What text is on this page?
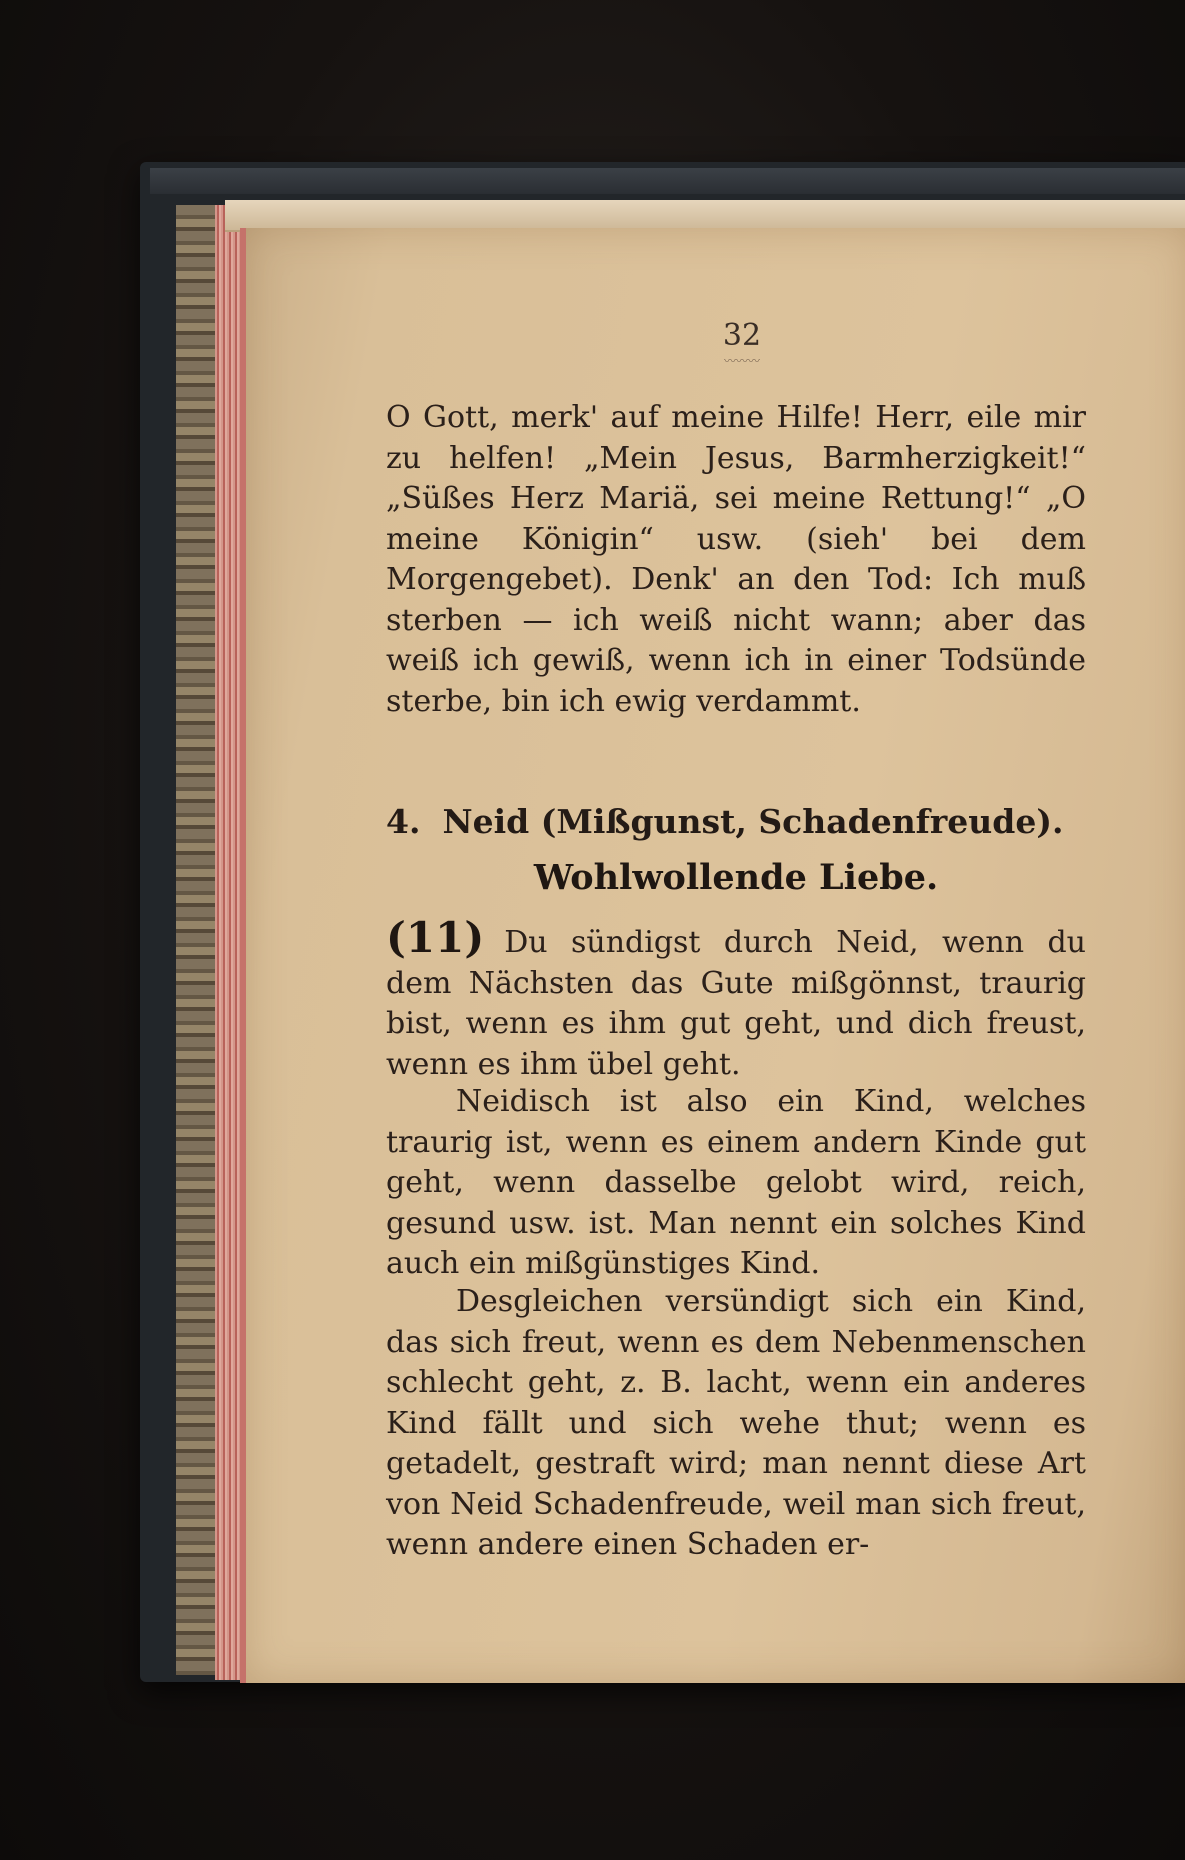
32
〰〰〰
O Gott, merk' auf meine Hilfe! Herr, eile mir zu helfen! „Mein Jesus, Barmherzigkeit!“ „Süßes Herz Mariä, sei meine Rettung!“ „O meine Königin“ usw. (sieh' bei dem Morgengebet). Denk' an den Tod: Ich muß sterben — ich weiß nicht wann; aber das weiß ich gewiß, wenn ich in einer Todsünde sterbe, bin ich ewig verdammt.
4. Neid (Mißgunst, Schadenfreude).
Wohlwollende Liebe.
(11) Du sündigst durch Neid, wenn du dem Nächsten das Gute mißgönnst, traurig bist, wenn es ihm gut geht, und dich freust, wenn es ihm übel geht.
Neidisch ist also ein Kind, welches traurig ist, wenn es einem andern Kinde gut geht, wenn dasselbe gelobt wird, reich, gesund usw. ist. Man nennt ein solches Kind auch ein mißgünstiges Kind.
Desgleichen versündigt sich ein Kind, das sich freut, wenn es dem Nebenmenschen schlecht geht, z. B. lacht, wenn ein anderes Kind fällt und sich wehe thut; wenn es getadelt, gestraft wird; man nennt diese Art von Neid Schadenfreude, weil man sich freut, wenn andere einen Schaden er-
